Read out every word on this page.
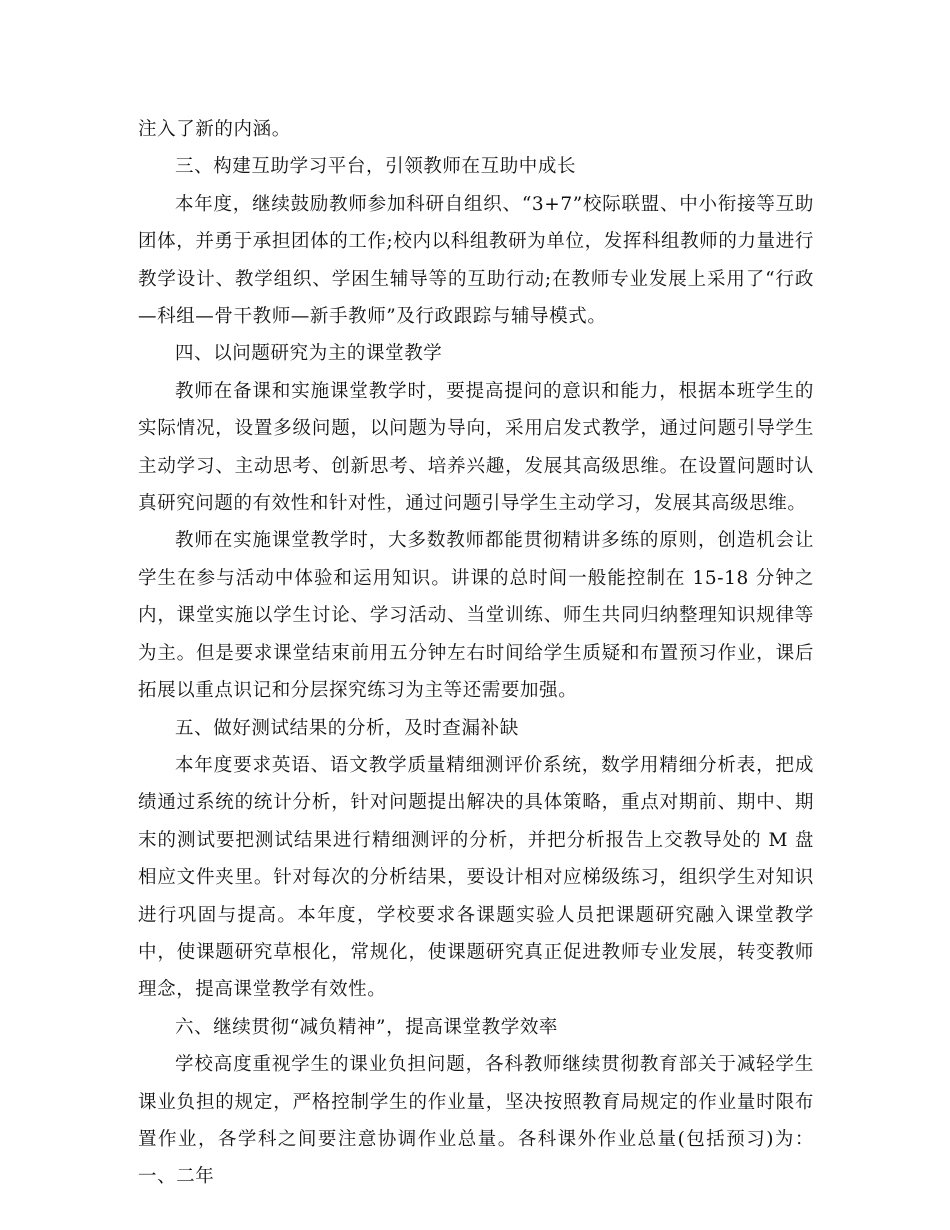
注入了新的内涵。

三、构建互助学习平台，引领教师在互助中成长

本年度，继续鼓励教师参加科研自组织、“3+7”校际联盟、中小衔接等互助团体，并勇于承担团体的工作;校内以科组教研为单位，发挥科组教师的力量进行教学设计、教学组织、学困生辅导等的互助行动;在教师专业发展上采用了“行政—科组—骨干教师—新手教师”及行政跟踪与辅导模式。

四、以问题研究为主的课堂教学

教师在备课和实施课堂教学时，要提高提问的意识和能力，根据本班学生的实际情况，设置多级问题，以问题为导向，采用启发式教学，通过问题引导学生主动学习、主动思考、创新思考、培养兴趣，发展其高级思维。在设置问题时认真研究问题的有效性和针对性，通过问题引导学生主动学习，发展其高级思维。

教师在实施课堂教学时，大多数教师都能贯彻精讲多练的原则，创造机会让学生在参与活动中体验和运用知识。讲课的总时间一般能控制在 15-18 分钟之内，课堂实施以学生讨论、学习活动、当堂训练、师生共同归纳整理知识规律等为主。但是要求课堂结束前用五分钟左右时间给学生质疑和布置预习作业，课后拓展以重点识记和分层探究练习为主等还需要加强。

五、做好测试结果的分析，及时查漏补缺

本年度要求英语、语文教学质量精细测评价系统，数学用精细分析表，把成绩通过系统的统计分析，针对问题提出解决的具体策略，重点对期前、期中、期末的测试要把测试结果进行精细测评的分析，并把分析报告上交教导处的 M 盘相应文件夹里。针对每次的分析结果，要设计相对应梯级练习，组织学生对知识进行巩固与提高。本年度，学校要求各课题实验人员把课题研究融入课堂教学中，使课题研究草根化，常规化，使课题研究真正促进教师专业发展，转变教师理念，提高课堂教学有效性。

六、继续贯彻“减负精神”，提高课堂教学效率

学校高度重视学生的课业负担问题，各科教师继续贯彻教育部关于减轻学生课业负担的规定，严格控制学生的作业量，坚决按照教育局规定的作业量时限布置作业，各学科之间要注意协调作业总量。各科课外作业总量(包括预习)为：一、二年
